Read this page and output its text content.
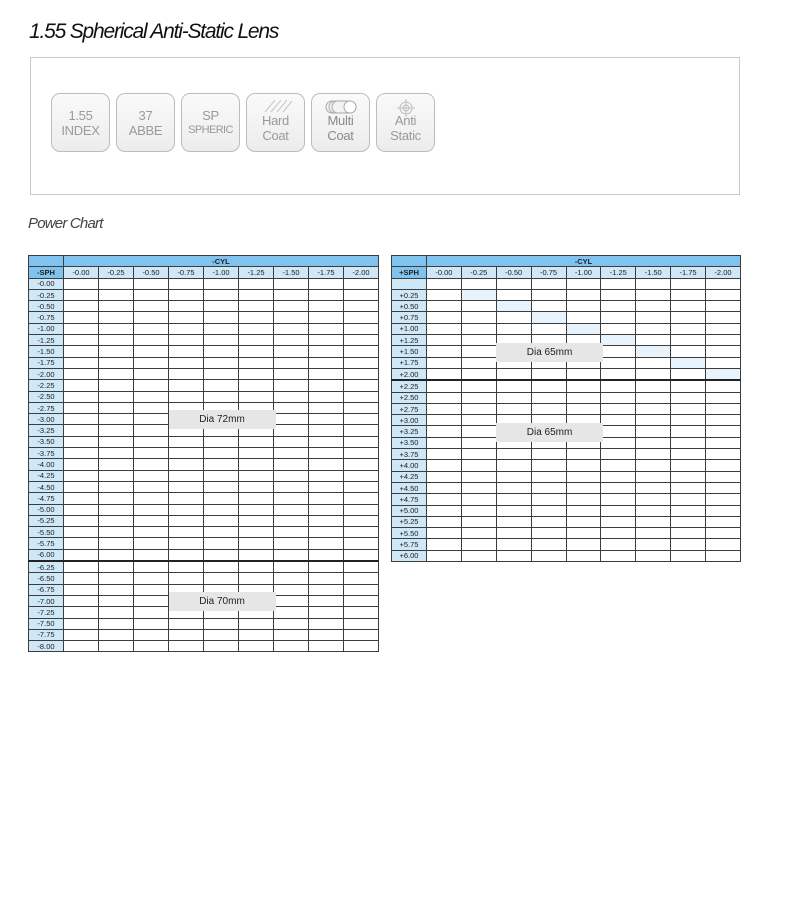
1.55 Spherical Anti-Static Lens
1.55
INDEX
37
ABBE
SP
SPHERIC
Hard
Coat
Multi
Coat
Anti
Static
Power Chart
	-CYL								
-SPH	-0.00	-0.25	-0.50	-0.75	-1.00	-1.25	-1.50	-1.75	-2.00
-0.00									
-0.25									
-0.50									
-0.75									
-1.00									
-1.25									
-1.50									
-1.75									
-2.00									
-2.25									
-2.50									
-2.75									
-3.00									
-3.25									
-3.50									
-3.75									
-4.00									
-4.25									
-4.50									
-4.75									
-5.00									
-5.25									
-5.50									
-5.75									
-6.00									
-6.25									
-6.50									
-6.75									
-7.00									
-7.25									
-7.50									
-7.75									
-8.00									
	-CYL								
+SPH	-0.00	-0.25	-0.50	-0.75	-1.00	-1.25	-1.50	-1.75	-2.00

+0.25									
+0.50									
+0.75									
+1.00									
+1.25									
+1.50									
+1.75									
+2.00									
+2.25									
+2.50									
+2.75									
+3.00									
+3.25									
+3.50									
+3.75									
+4.00									
+4.25									
+4.50									
+4.75									
+5.00									
+5.25									
+5.50									
+5.75									
+6.00									
Dia 72mm
Dia 70mm
Dia 65mm
Dia 65mm
